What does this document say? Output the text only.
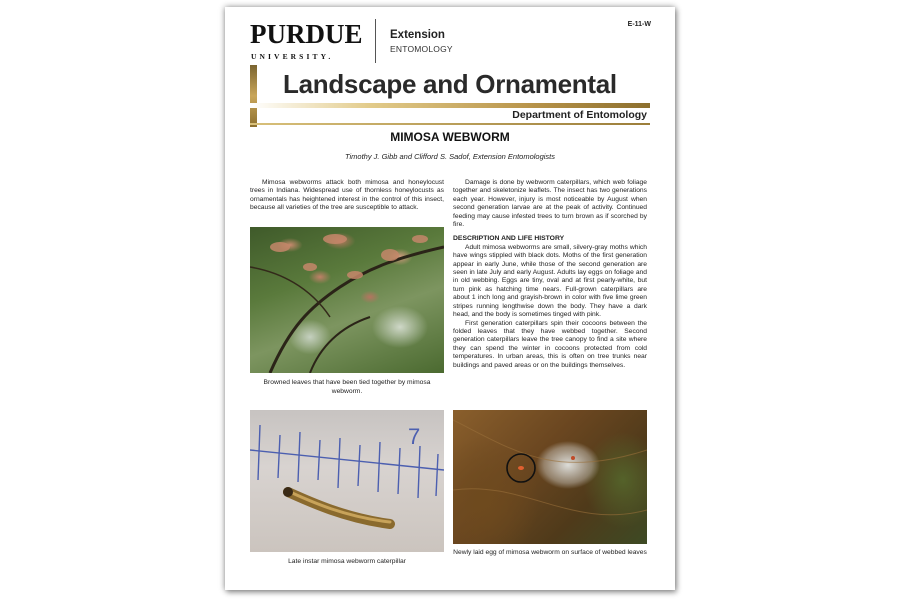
PURDUE
UNIVERSITY.
Extension
ENTOMOLOGY
E-11-W
Landscape and Ornamental
Department of Entomology
MIMOSA WEBWORM
Timothy J. Gibb and Clifford S. Sadof, Extension Entomologists

Mimosa webworms attack both mimosa and honeylocust trees in Indiana. Widespread use of thornless honeylocusts as ornamentals has heightened interest in the control of this insect, because all varieties of the tree are susceptible to attack.

Damage is done by webworm caterpillars, which web foliage together and skeletonize leaflets. The insect has two generations each year. However, injury is most noticeable by August when second generation larvae are at the peak of activity. Continued feeding may cause infested trees to turn brown as if scorched by fire.

DESCRIPTION AND LIFE HISTORY

Adult mimosa webworms are small, silvery-gray moths which have wings stippled with black dots. Moths of the first generation appear in early June, while those of the second generation are seen in late July and early August. Adults lay eggs on foliage and in old webbing. Eggs are tiny, oval and at first pearly-white, but turn pink as hatching time nears. Full-grown caterpillars are about 1 inch long and grayish-brown in color with five lime green stripes running lengthwise down the body. They have a dark head, and the body is sometimes tinged with pink.

First generation caterpillars spin their cocoons between the folded leaves that they have webbed together. Second generation caterpillars leave the tree canopy to find a site where they can spend the winter in cocoons protected from cold temperatures. In urban areas, this is often on tree trunks near buildings and paved areas or on the buildings themselves.

Browned leaves that have been tied together by mimosa webworm.
7
Late instar mimosa webworm caterpillar
Newly laid egg of mimosa webworm on surface of webbed leaves
